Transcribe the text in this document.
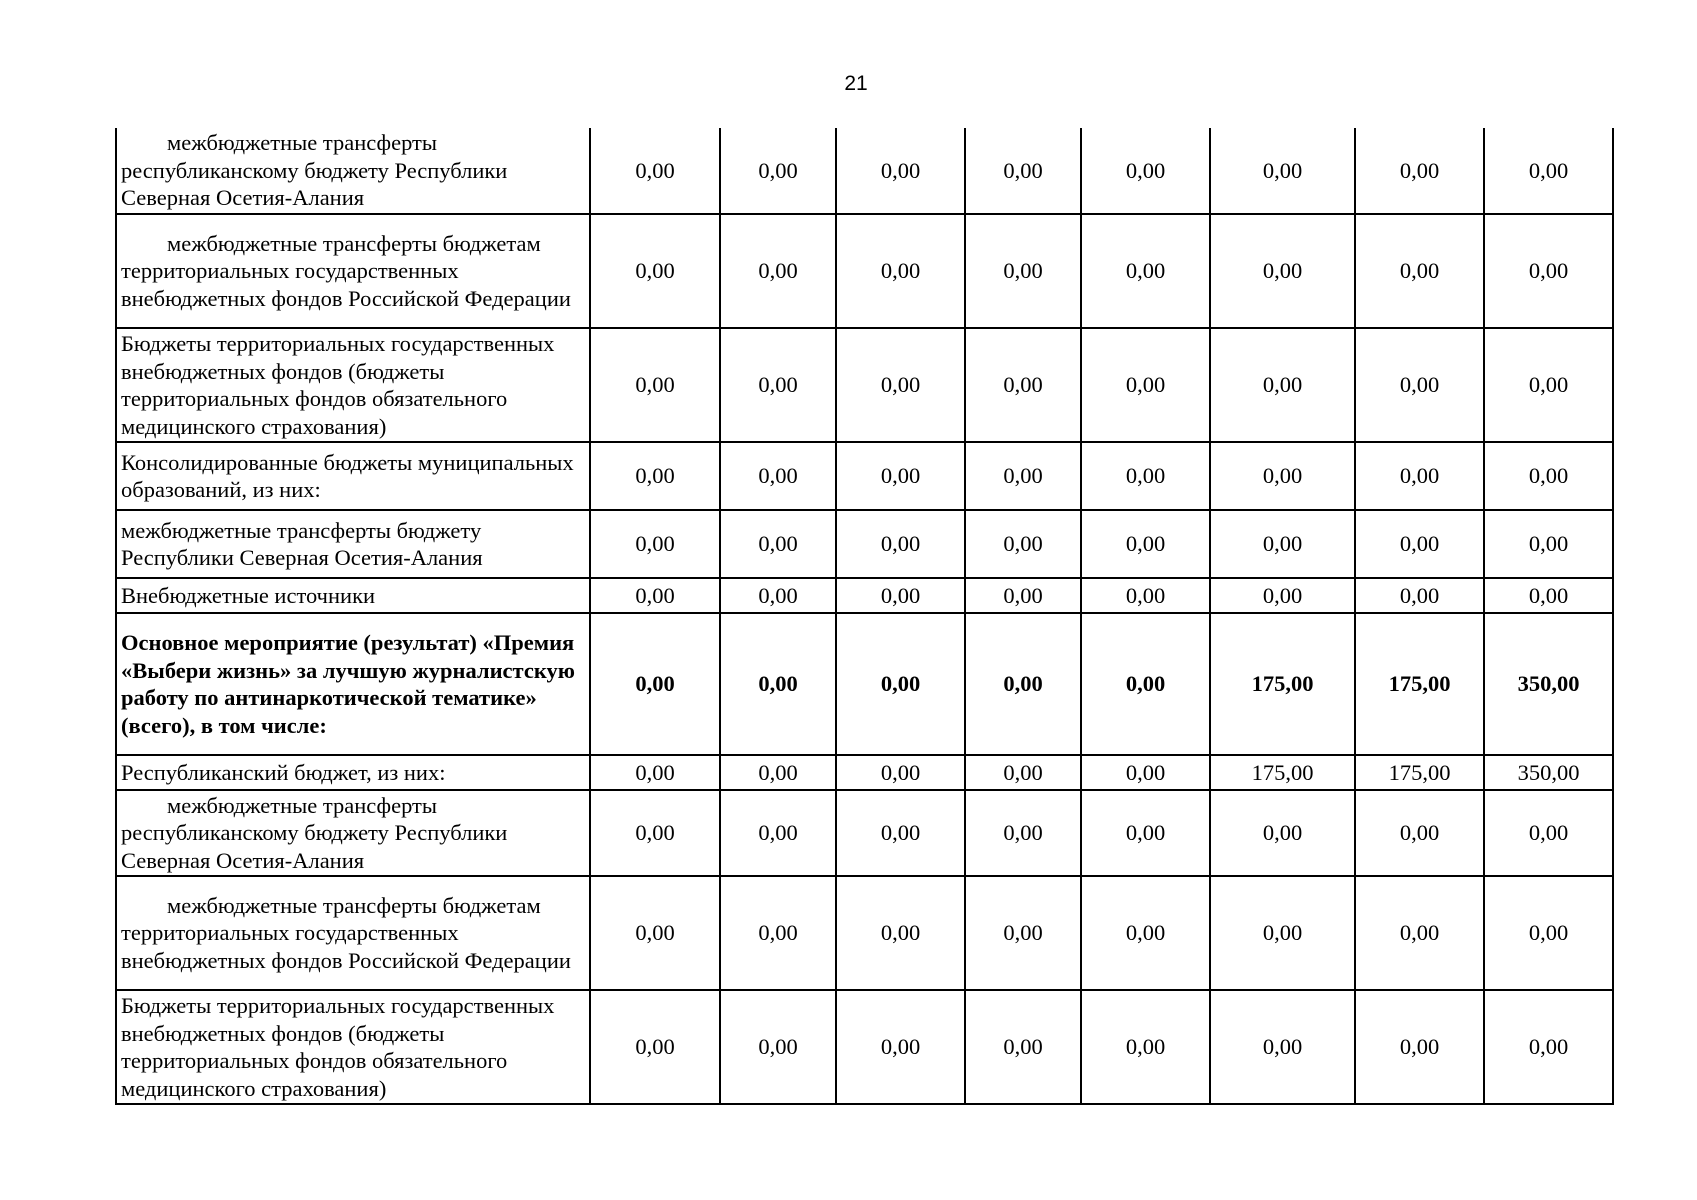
21
межбюджетные трансферты республиканскому бюджету Республики Северная Осетия-Алания	0,00	0,00	0,00	0,00	0,00	0,00	0,00	0,00
межбюджетные трансферты бюджетам территориальных государственных внебюджетных фондов Российской Федерации	0,00	0,00	0,00	0,00	0,00	0,00	0,00	0,00
Бюджеты территориальных государственных внебюджетных фондов (бюджеты территориальных фондов обязательного медицинского страхования)	0,00	0,00	0,00	0,00	0,00	0,00	0,00	0,00
Консолидированные бюджеты муниципальных образований, из них:	0,00	0,00	0,00	0,00	0,00	0,00	0,00	0,00
межбюджетные трансферты бюджету Республики Северная Осетия-Алания	0,00	0,00	0,00	0,00	0,00	0,00	0,00	0,00
Внебюджетные источники	0,00	0,00	0,00	0,00	0,00	0,00	0,00	0,00
Основное мероприятие (результат) «Премия «Выбери жизнь» за лучшую журналистскую работу по антинаркотической тематике» (всего), в том числе:	0,00	0,00	0,00	0,00	0,00	175,00	175,00	350,00
Республиканский бюджет, из них:	0,00	0,00	0,00	0,00	0,00	175,00	175,00	350,00
межбюджетные трансферты республиканскому бюджету Республики Северная Осетия-Алания	0,00	0,00	0,00	0,00	0,00	0,00	0,00	0,00
межбюджетные трансферты бюджетам территориальных государственных внебюджетных фондов Российской Федерации	0,00	0,00	0,00	0,00	0,00	0,00	0,00	0,00
Бюджеты территориальных государственных внебюджетных фондов (бюджеты территориальных фондов обязательного медицинского страхования)	0,00	0,00	0,00	0,00	0,00	0,00	0,00	0,00
